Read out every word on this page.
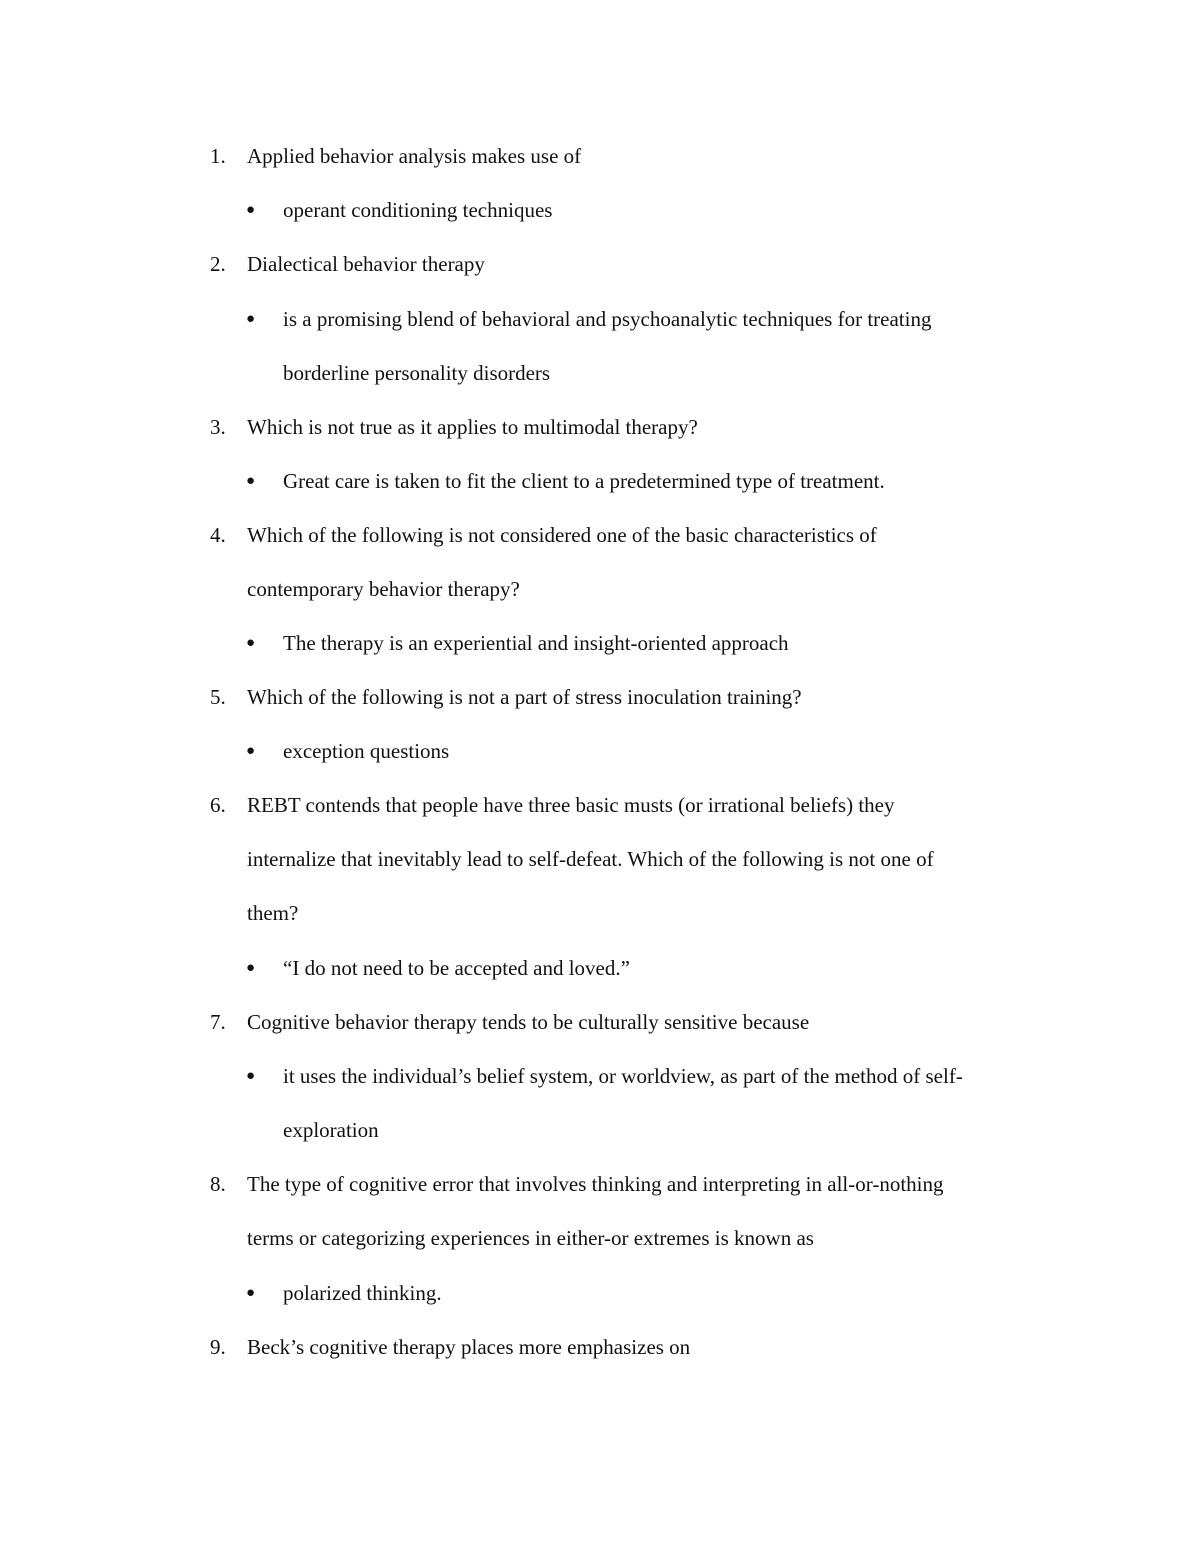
1. Applied behavior analysis makes use of
● operant conditioning techniques
2. Dialectical behavior therapy
● is a promising blend of behavioral and psychoanalytic techniques for treating
borderline personality disorders
3. Which is not true as it applies to multimodal therapy?
● Great care is taken to fit the client to a predetermined type of treatment.
4. Which of the following is not considered one of the basic characteristics of
contemporary behavior therapy?
● The therapy is an experiential and insight-oriented approach
5. Which of the following is not a part of stress inoculation training?
● exception questions
6. REBT contends that people have three basic musts (or irrational beliefs) they
internalize that inevitably lead to self-defeat. Which of the following is not one of
them?
● “I do not need to be accepted and loved.”
7. Cognitive behavior therapy tends to be culturally sensitive because
● it uses the individual’s belief system, or worldview, as part of the method of self-
exploration
8. The type of cognitive error that involves thinking and interpreting in all-or-nothing
terms or categorizing experiences in either-or extremes is known as
● polarized thinking.
9. Beck’s cognitive therapy places more emphasizes on
